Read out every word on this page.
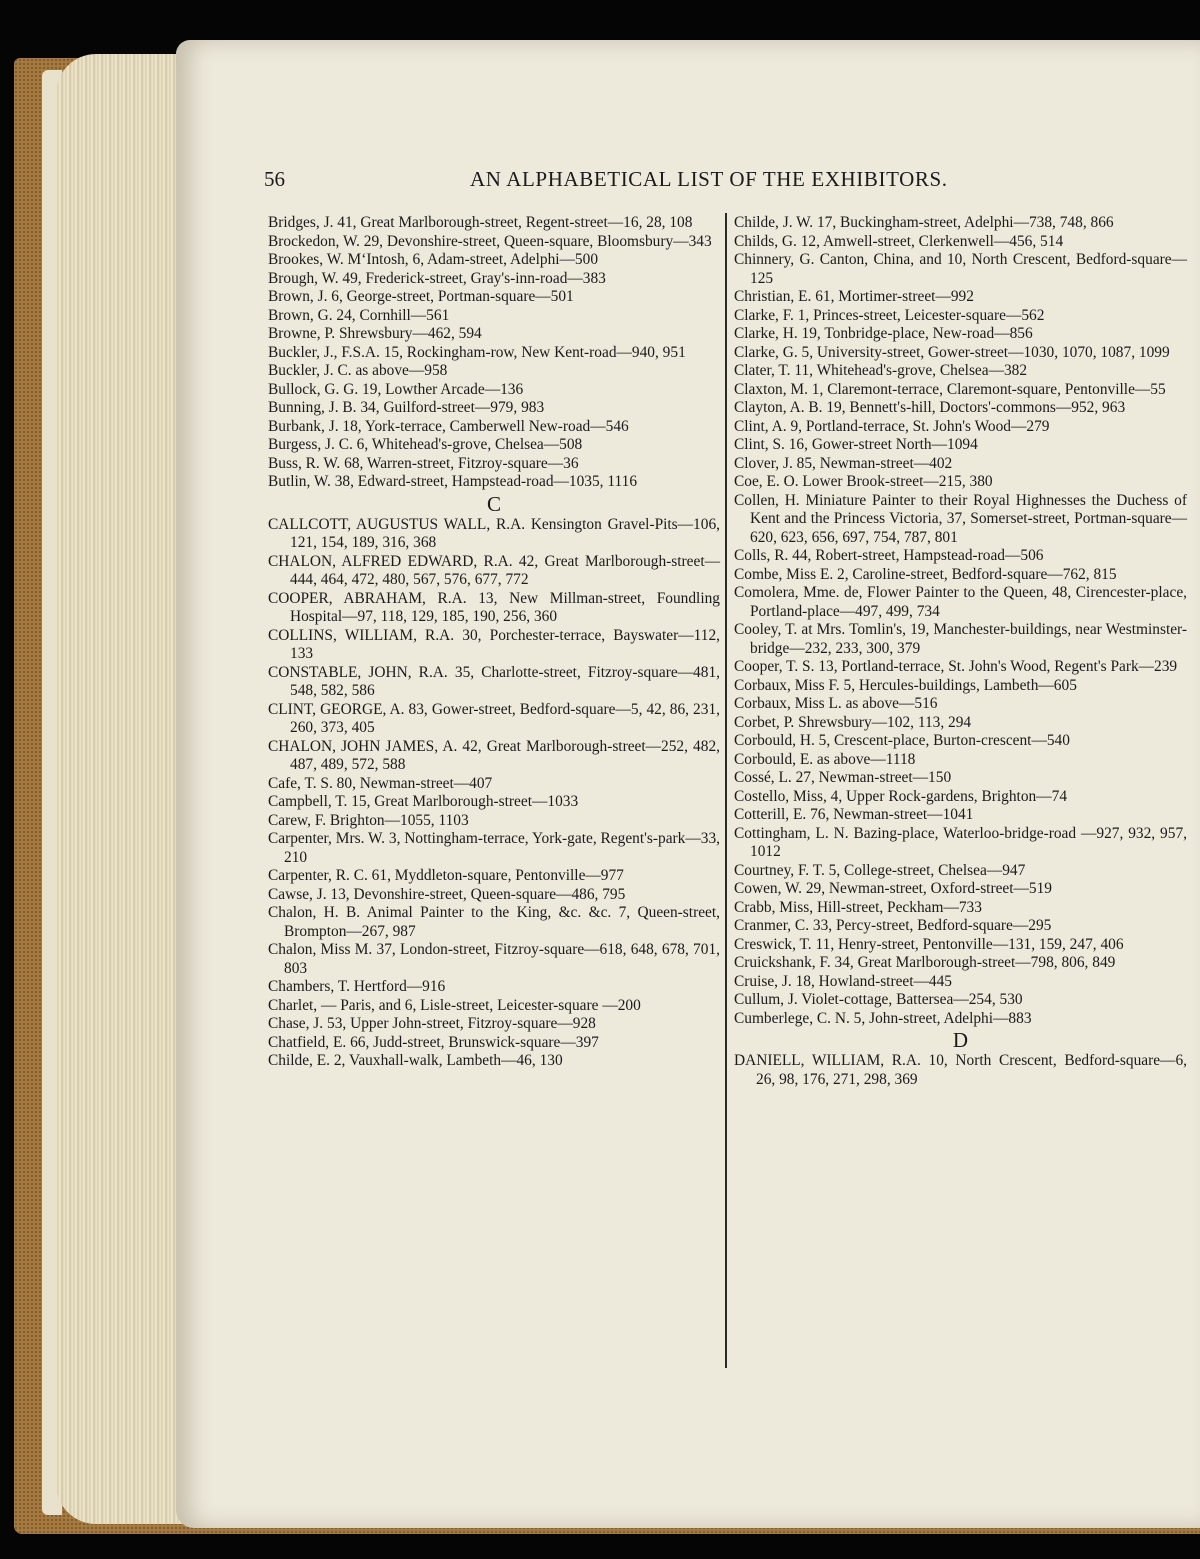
56	AN ALPHABETICAL LIST OF THE EXHIBITORS.

Bridges, J. 41, Great Marlborough-street, Regent-street—16, 28, 108

Brockedon, W. 29, Devonshire-street, Queen-square, Bloomsbury—343

Brookes, W. M‘Intosh, 6, Adam-street, Adelphi—500

Brough, W. 49, Frederick-street, Gray's-inn-road—383

Brown, J. 6, George-street, Portman-square—501

Brown, G. 24, Cornhill—561

Browne, P. Shrewsbury—462, 594

Buckler, J., F.S.A. 15, Rockingham-row, New Kent-road—940, 951

Buckler, J. C. as above—958

Bullock, G. G. 19, Lowther Arcade—136

Bunning, J. B. 34, Guilford-street—979, 983

Burbank, J. 18, York-terrace, Camberwell New-road—546

Burgess, J. C. 6, Whitehead's-grove, Chelsea—508

Buss, R. W. 68, Warren-street, Fitzroy-square—36

Butlin, W. 38, Edward-street, Hampstead-road—1035, 1116

C

CALLCOTT, AUGUSTUS WALL, R.A. Kensington Gravel-Pits—106, 121, 154, 189, 316, 368

CHALON, ALFRED EDWARD, R.A. 42, Great Marlborough-street—444, 464, 472, 480, 567, 576, 677, 772

COOPER, ABRAHAM, R.A. 13, New Millman-street, Foundling Hospital—97, 118, 129, 185, 190, 256, 360

COLLINS, WILLIAM, R.A. 30, Porchester-terrace, Bayswater—112, 133

CONSTABLE, JOHN, R.A. 35, Charlotte-street, Fitzroy-square—481, 548, 582, 586

CLINT, GEORGE, A. 83, Gower-street, Bedford-square—5, 42, 86, 231, 260, 373, 405

CHALON, JOHN JAMES, A. 42, Great Marlborough-street—252, 482, 487, 489, 572, 588

Cafe, T. S. 80, Newman-street—407

Campbell, T. 15, Great Marlborough-street—1033

Carew, F. Brighton—1055, 1103

Carpenter, Mrs. W. 3, Nottingham-terrace, York-gate, Regent's-park—33, 210

Carpenter, R. C. 61, Myddleton-square, Pentonville—977

Cawse, J. 13, Devonshire-street, Queen-square—486, 795

Chalon, H. B. Animal Painter to the King, &c. &c. 7, Queen-street, Brompton—267, 987

Chalon, Miss M. 37, London-street, Fitzroy-square—618, 648, 678, 701, 803

Chambers, T. Hertford—916

Charlet, — Paris, and 6, Lisle-street, Leicester-square —200

Chase, J. 53, Upper John-street, Fitzroy-square—928

Chatfield, E. 66, Judd-street, Brunswick-square—397

Childe, E. 2, Vauxhall-walk, Lambeth—46, 130

Childe, J. W. 17, Buckingham-street, Adelphi—738, 748, 866

Childs, G. 12, Amwell-street, Clerkenwell—456, 514

Chinnery, G. Canton, China, and 10, North Crescent, Bedford-square—125

Christian, E. 61, Mortimer-street—992

Clarke, F. 1, Princes-street, Leicester-square—562

Clarke, H. 19, Tonbridge-place, New-road—856

Clarke, G. 5, University-street, Gower-street—1030, 1070, 1087, 1099

Clater, T. 11, Whitehead's-grove, Chelsea—382

Claxton, M. 1, Claremont-terrace, Claremont-square, Pentonville—55

Clayton, A. B. 19, Bennett's-hill, Doctors'-commons—952, 963

Clint, A. 9, Portland-terrace, St. John's Wood—279

Clint, S. 16, Gower-street North—1094

Clover, J. 85, Newman-street—402

Coe, E. O. Lower Brook-street—215, 380

Collen, H. Miniature Painter to their Royal Highnesses the Duchess of Kent and the Princess Victoria, 37, Somerset-street, Portman-square—620, 623, 656, 697, 754, 787, 801

Colls, R. 44, Robert-street, Hampstead-road—506

Combe, Miss E. 2, Caroline-street, Bedford-square—762, 815

Comolera, Mme. de, Flower Painter to the Queen, 48, Cirencester-place, Portland-place—497, 499, 734

Cooley, T. at Mrs. Tomlin's, 19, Manchester-buildings, near Westminster-bridge—232, 233, 300, 379

Cooper, T. S. 13, Portland-terrace, St. John's Wood, Regent's Park—239

Corbaux, Miss F. 5, Hercules-buildings, Lambeth—605

Corbaux, Miss L. as above—516

Corbet, P. Shrewsbury—102, 113, 294

Corbould, H. 5, Crescent-place, Burton-crescent—540

Corbould, E. as above—1118

Cossé, L. 27, Newman-street—150

Costello, Miss, 4, Upper Rock-gardens, Brighton—74

Cotterill, E. 76, Newman-street—1041

Cottingham, L. N. Bazing-place, Waterloo-bridge-road —927, 932, 957, 1012

Courtney, F. T. 5, College-street, Chelsea—947

Cowen, W. 29, Newman-street, Oxford-street—519

Crabb, Miss, Hill-street, Peckham—733

Cranmer, C. 33, Percy-street, Bedford-square—295

Creswick, T. 11, Henry-street, Pentonville—131, 159, 247, 406

Cruickshank, F. 34, Great Marlborough-street—798, 806, 849

Cruise, J. 18, Howland-street—445

Cullum, J. Violet-cottage, Battersea—254, 530

Cumberlege, C. N. 5, John-street, Adelphi—883

D

DANIELL, WILLIAM, R.A. 10, North Crescent, Bedford-square—6, 26, 98, 176, 271, 298, 369
